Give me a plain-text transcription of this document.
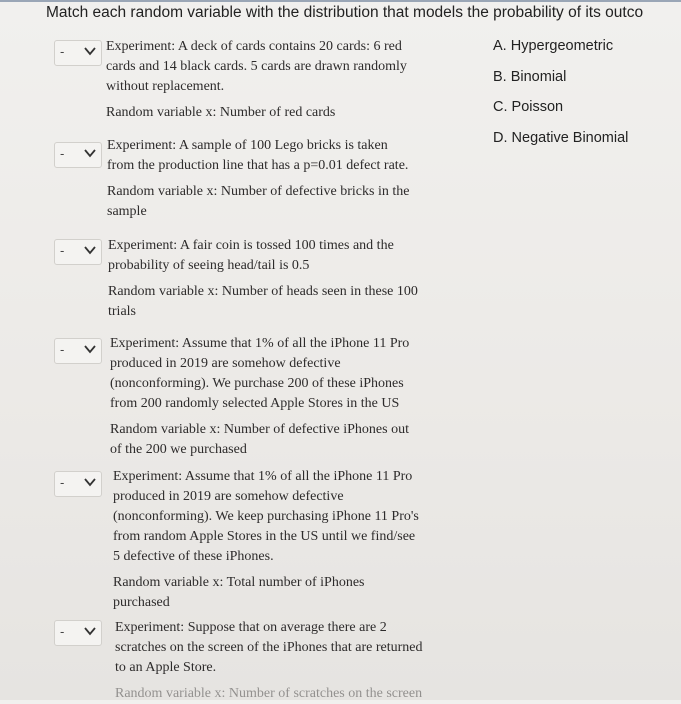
Match each random variable with the distribution that models the probability of its outco
A. Hypergeometric
B. Binomial
C. Poisson
D. Negative Binomial
-	Experiment: A deck of cards contains 20 cards: 6 red
cards and 14 black cards. 5 cards are drawn randomly
without replacement.
Random variable x: Number of red cards
-
Experiment: A sample of 100 Lego bricks is taken
from the production line that has a p=0.01 defect rate.
Random variable x: Number of defective bricks in the
sample
-	Experiment: A fair coin is tossed 100 times and the
probability of seeing head/tail is 0.5
Random variable x: Number of heads seen in these 100
trials
-	Experiment: Assume that 1% of all the iPhone 11 Pro
produced in 2019 are somehow defective
(nonconforming). We purchase 200 of these iPhones
from 200 randomly selected Apple Stores in the US
Random variable x: Number of defective iPhones out
of the 200 we purchased
-	Experiment: Assume that 1% of all the iPhone 11 Pro
produced in 2019 are somehow defective
(nonconforming). We keep purchasing iPhone 11 Pro's
from random Apple Stores in the US until we find/see
5 defective of these iPhones.
Random variable x: Total number of iPhones
purchased
-	Experiment: Suppose that on average there are 2
scratches on the screen of the iPhones that are returned
to an Apple Store.
Random variable x: Number of scratches on the screen
